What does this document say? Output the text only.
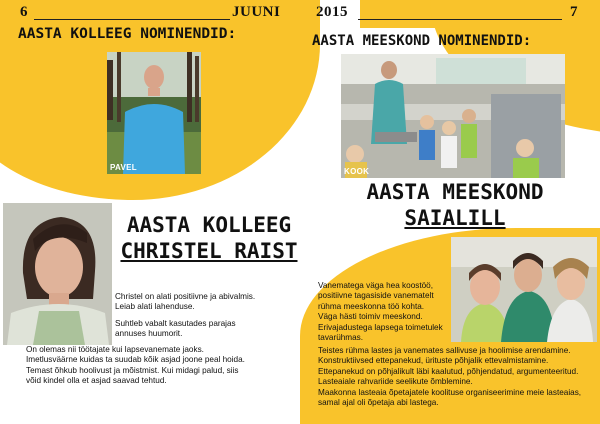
6	JUUNI 2015	7
AASTA KOLLEEG NOMINENDID:	AASTA MEESKOND NOMINENDID:
PAVEL	KOOK
AASTA MEESKOND
SAIALILL
AASTA KOLLEEG
CHRISTEL RAIST
Christel on alati positiivne ja abivalmis.
Leiab alati lahenduse.
Suhtleb vabalt kasutades parajas
annuses huumorit.
On olemas nii töötajate kui lapsevanemate jaoks.
Imetlusväärne kuidas ta suudab kõik asjad joone peal hoida.
Temast õhkub hoolivust ja mõistmist. Kui midagi palud, siis
võid kindel olla et asjad saavad tehtud.
Vanematega väga hea koostöö,
positiivne tagasiside vanematelt
rühma meeskonna töö kohta.
Väga hästi toimiv meeskond.
Erivajadustega lapsega toimetulek
tavarühmas.
Teistes rühma lastes ja vanemates sallivuse ja hoolimise arendamine.
Konstruktiivsed ettepanekud, ürituste põhjalik ettevalmistamine.
Ettepanekud on põhjalikult läbi kaalutud, põhjendatud, argumenteeritud.
Lasteaiale rahvariide seelikute õmblemine.
Maakonna lasteaia õpetajatele koolituse organiseerimine meie lasteaias,
samal ajal oli õpetaja abi lastega.
